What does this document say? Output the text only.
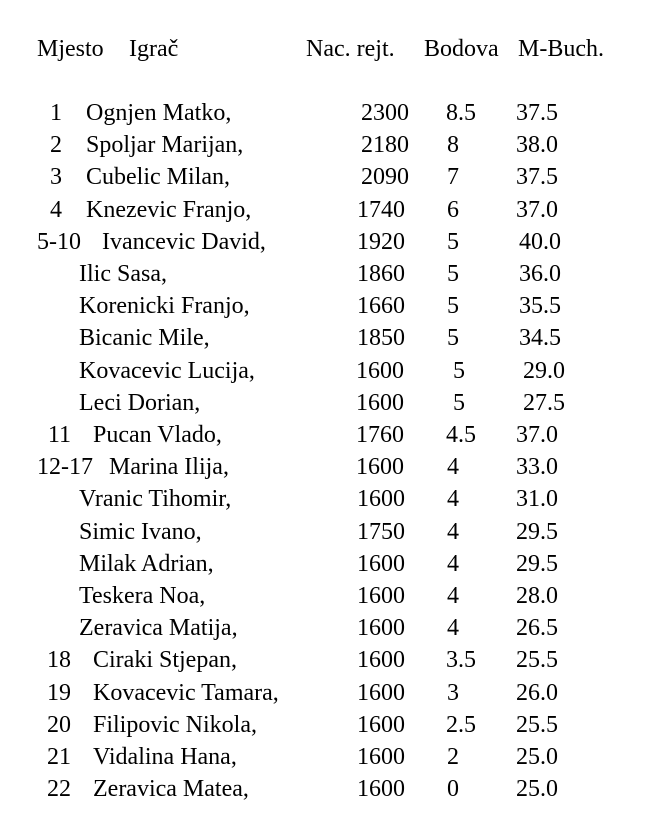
Mjesto Igrač	Nac. rejt. Bodova M-Buch.
1 Ognjen Matko,	2300 8.5 37.5
2 Spoljar Marijan,	2180 8 38.0
3 Cubelic Milan,	2090 7 37.5
4 Knezevic Franjo,	1740 6 37.0
5-10 Ivancevic David,	1920 5	40.0
Ilic Sasa,	1860 5	36.0
Korenicki Franjo,	1660 5	35.5
Bicanic Mile,	1850 5	34.5
Kovacevic Lucija,	1600 5 29.0
Leci Dorian,	1600 5 27.5
11 Pucan Vlado,	1760 4.5 37.0
12-17 Marina Ilija,	1600 4 33.0
Vranic Tihomir,	1600 4 31.0
Simic Ivano,	1750 4 29.5
Milak Adrian,	1600 4 29.5
Teskera Noa,	1600 4 28.0
Zeravica Matija,	1600 4 26.5
18 Ciraki Stjepan,	1600 3.5 25.5
19 Kovacevic Tamara,	1600 3 26.0
20 Filipovic Nikola,	1600 2.5 25.5
21 Vidalina Hana,	1600 2 25.0
22 Zeravica Matea,	1600 0 25.0
